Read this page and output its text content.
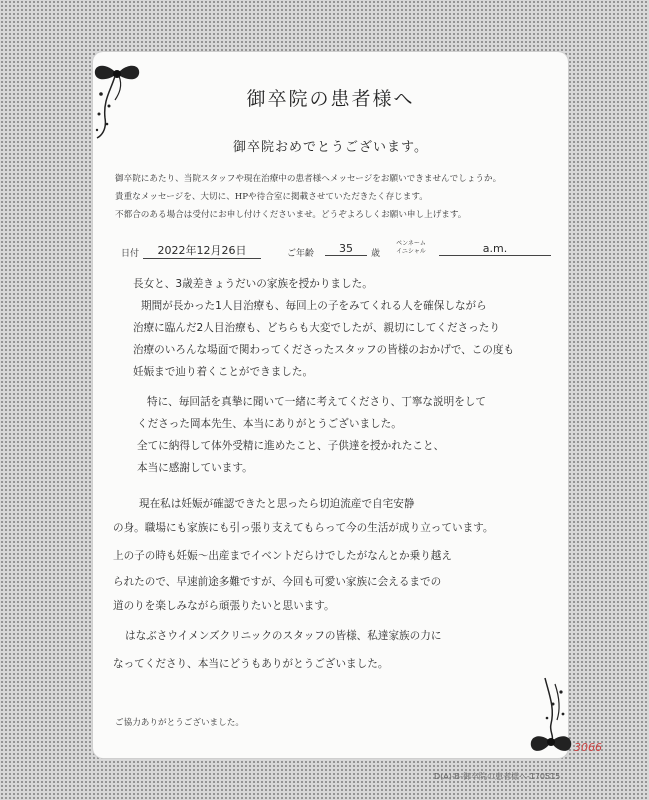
御卒院の患者様へ
御卒院おめでとうございます。
御卒院にあたり、当院スタッフや現在治療中の患者様へメッセージをお願いできませんでしょうか。
貴重なメッセージを、大切に、HPや待合室に掲載させていただきたく存じます。
不都合のある場合は受付にお申し付けくださいませ。どうぞよろしくお願い申し上げます。
日付	2022年12月26日	ご年齢	35	歳
ペンネーム
イニシャル	a.m.
長女と、3歳差きょうだいの家族を授かりました。
期間が長かった1人目治療も、毎回上の子をみてくれる人を確保しながら
治療に臨んだ2人目治療も、どちらも大変でしたが、親切にしてくださったり
治療のいろんな場面で関わってくださったスタッフの皆様のおかげで、この度も
妊娠まで辿り着くことができました。
特に、毎回話を真摯に聞いて一緒に考えてくださり、丁寧な説明をして
くださった岡本先生、本当にありがとうございました。
全てに納得して体外受精に進めたこと、子供達を授かれたこと、
本当に感謝しています。
現在私は妊娠が確認できたと思ったら切迫流産で自宅安静
の身。職場にも家族にも引っ張り支えてもらって今の生活が成り立っています。
上の子の時も妊娠〜出産までイベントだらけでしたがなんとか乗り越え
られたので、早速前途多難ですが、今回も可愛い家族に会えるまでの
道のりを楽しみながら頑張りたいと思います。
はなぶさウイメンズクリニックのスタッフの皆様、私達家族の力に
なってくださり、本当にどうもありがとうございました。
ご協力ありがとうございました。
3066
D(A)-B-御卒院の患者様へ-170515
